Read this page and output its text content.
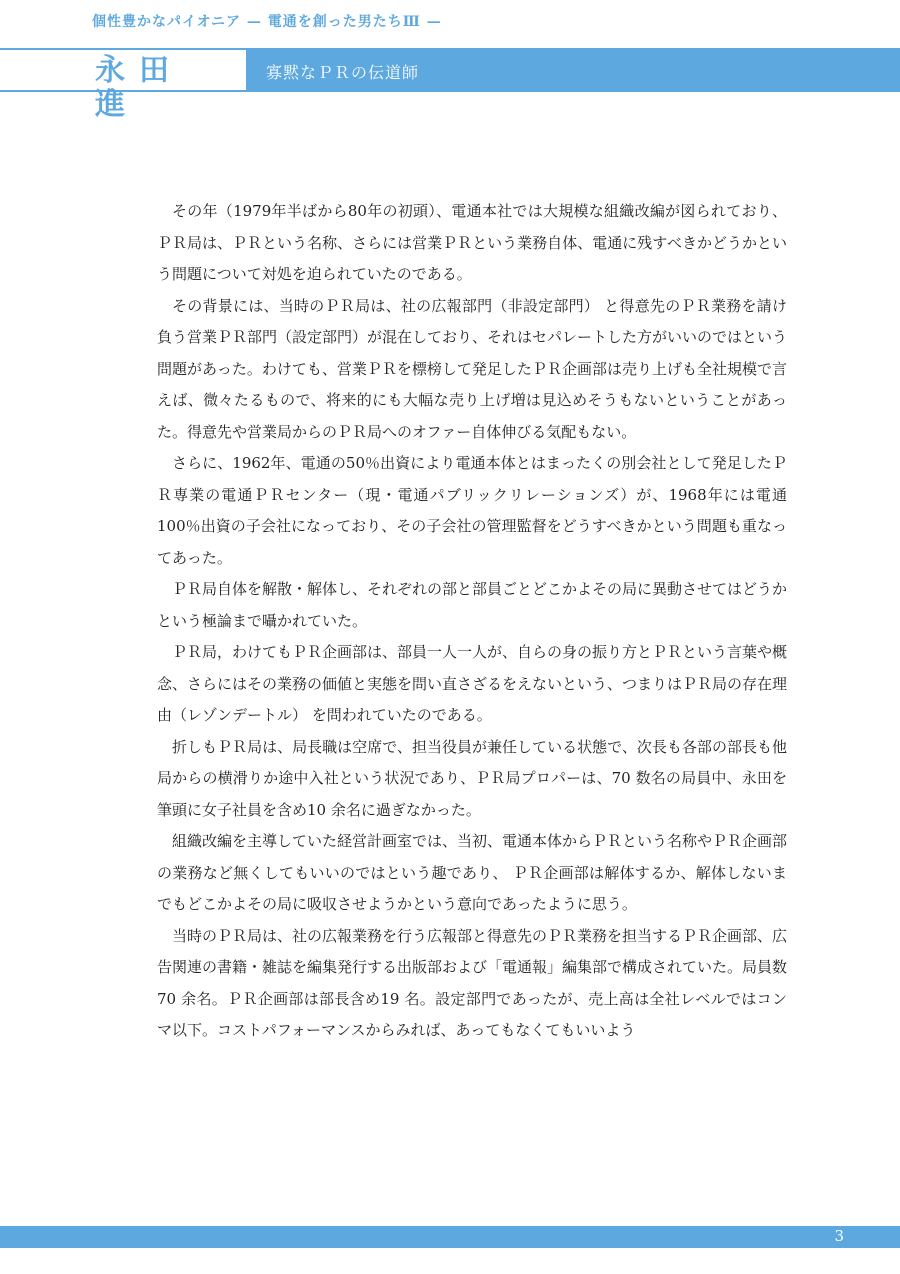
個性豊かなパイオニア — 電通を創った男たちⅢ —
永田　進
寡黙なＰＲの伝道師

その年（1979年半ばから80年の初頭）、電通本社では大規模な組織改編が図られており、ＰＲ局は、ＰＲという名称、さらには営業ＰＲという業務自体、電通に残すべきかどうかという問題について対処を迫られていたのである。

その背景には、当時のＰＲ局は、社の広報部門（非設定部門） と得意先のＰＲ業務を請け負う営業ＰＲ部門（設定部門）が混在しており、それはセパレートした方がいいのではという問題があった。わけても、営業ＰＲを標榜して発足したＰＲ企画部は売り上げも全社規模で言えば、微々たるもので、将来的にも大幅な売り上げ増は見込めそうもないということがあった。得意先や営業局からのＰＲ局へのオファー自体伸びる気配もない。

さらに、1962年、電通の50％出資により電通本体とはまったくの別会社として発足したＰＲ専業の電通ＰＲセンター（現・電通パブリックリレーションズ）が、1968年には電通 100％出資の子会社になっており、その子会社の管理監督をどうすべきかという問題も重なってあった。

ＰＲ局自体を解散・解体し、それぞれの部と部員ごとどこかよその局に異動させてはどうかという極論まで囁かれていた。

ＰＲ局，わけてもＰＲ企画部は、部員一人一人が、自らの身の振り方とＰＲという言葉や概念、さらにはその業務の価値と実態を問い直さざるをえないという、つまりはＰＲ局の存在理由（レゾンデートル） を問われていたのである。

折しもＰＲ局は、局長職は空席で、担当役員が兼任している状態で、次長も各部の部長も他局からの横滑りか途中入社という状況であり、ＰＲ局プロパーは、70 数名の局員中、永田を筆頭に女子社員を含め10 余名に過ぎなかった。

組織改編を主導していた経営計画室では、当初、電通本体からＰＲという名称やＰＲ企画部の業務など無くしてもいいのではという趣であり、 ＰＲ企画部は解体するか、解体しないまでもどこかよその局に吸収させようかという意向であったように思う。

当時のＰＲ局は、社の広報業務を行う広報部と得意先のＰＲ業務を担当するＰＲ企画部、広告関連の書籍・雑誌を編集発行する出版部および「電通報」編集部で構成されていた。局員数 70 余名。ＰＲ企画部は部長含め19 名。設定部門であったが、売上高は全社レベルではコンマ以下。コストパフォーマンスからみれば、あってもなくてもいいよう

3
